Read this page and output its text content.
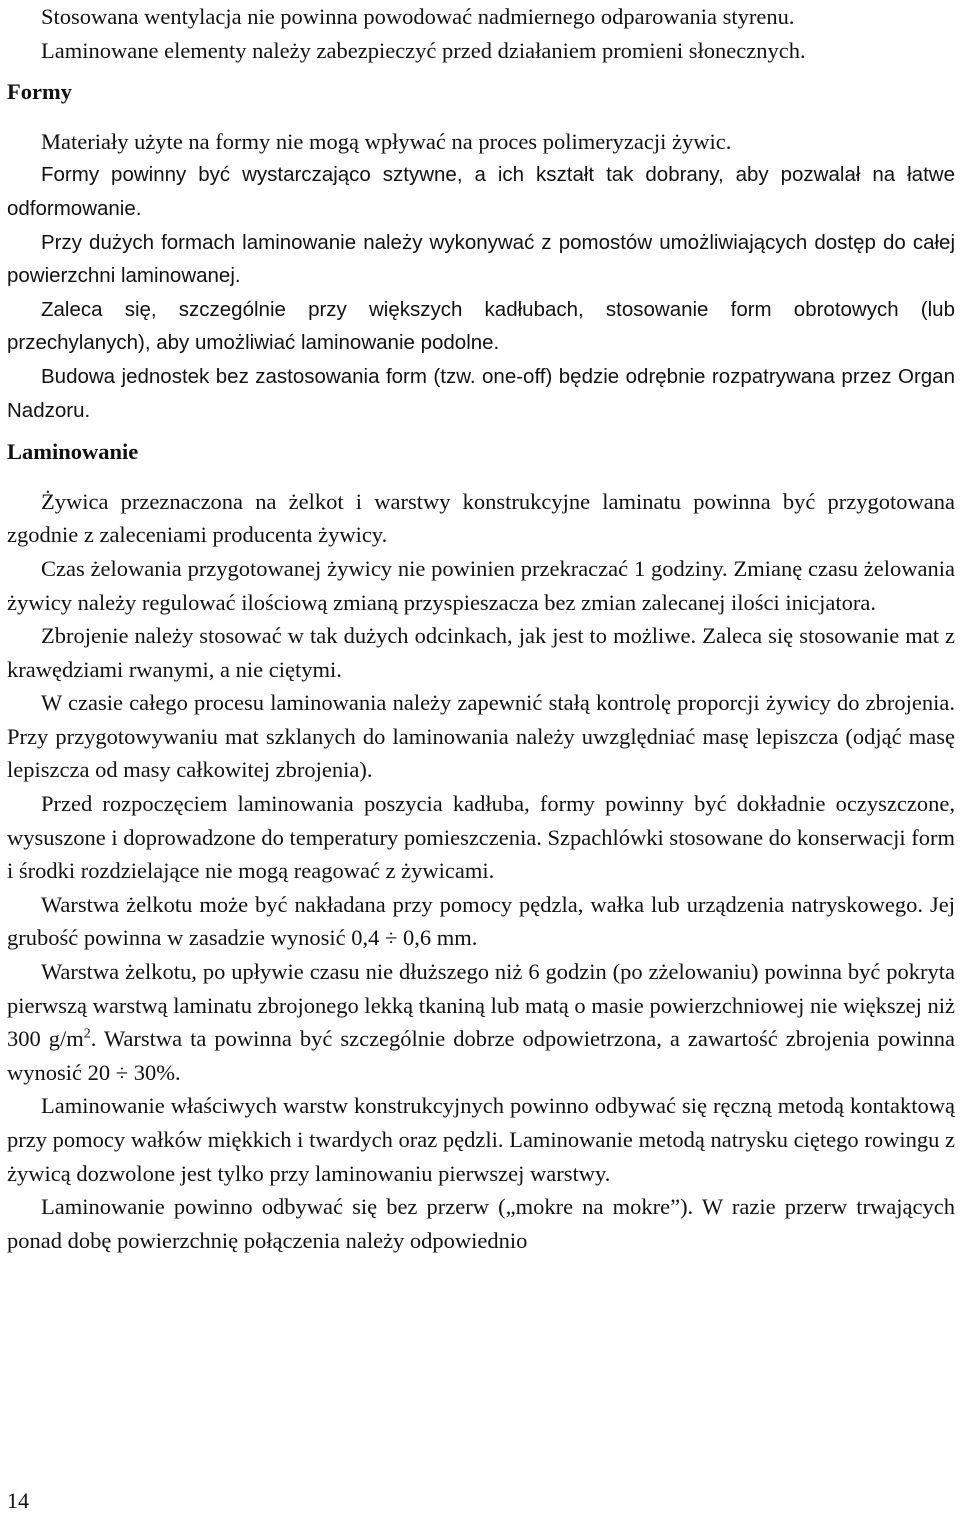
Stosowana wentylacja nie powinna powodować nadmiernego odparowania styrenu.

Laminowane elementy należy zabezpieczyć przed działaniem promieni słonecznych.

Formy

Materiały użyte na formy nie mogą wpływać na proces polimeryzacji żywic.

Formy powinny być wystarczająco sztywne, a ich kształt tak dobrany, aby pozwalał na łatwe odformowanie.

Przy dużych formach laminowanie należy wykonywać z pomostów umożliwiających dostęp do całej powierzchni laminowanej.

Zaleca się, szczególnie przy większych kadłubach, stosowanie form obrotowych (lub przechylanych), aby umożliwiać laminowanie podolne.

Budowa jednostek bez zastosowania form (tzw. one-off) będzie odrębnie rozpatrywana przez Organ Nadzoru.

Laminowanie

Żywica przeznaczona na żelkot i warstwy konstrukcyjne laminatu powinna być przygotowana zgodnie z zaleceniami producenta żywicy.

Czas żelowania przygotowanej żywicy nie powinien przekraczać 1 godziny. Zmianę czasu żelowania żywicy należy regulować ilościową zmianą przyspieszacza bez zmian zalecanej ilości inicjatora.

Zbrojenie należy stosować w tak dużych odcinkach, jak jest to możliwe. Zaleca się stosowanie mat z krawędziami rwanymi, a nie ciętymi.

W czasie całego procesu laminowania należy zapewnić stałą kontrolę proporcji żywicy do zbrojenia. Przy przygotowywaniu mat szklanych do laminowania należy uwzględniać masę lepiszcza (odjąć masę lepiszcza od masy całkowitej zbrojenia).

Przed rozpoczęciem laminowania poszycia kadłuba, formy powinny być dokładnie oczyszczone, wysuszone i doprowadzone do temperatury pomieszczenia. Szpachlówki stosowane do konserwacji form i środki rozdzielające nie mogą reagować z żywicami.

Warstwa żelkotu może być nakładana przy pomocy pędzla, wałka lub urządzenia natryskowego. Jej grubość powinna w zasadzie wynosić 0,4 ÷ 0,6 mm.

Warstwa żelkotu, po upływie czasu nie dłuższego niż 6 godzin (po zżelowaniu) powinna być pokryta pierwszą warstwą laminatu zbrojonego lekką tkaniną lub matą o masie powierzchniowej nie większej niż 300 $g/m^2$. Warstwa ta powinna być szczególnie dobrze odpowietrzona, a zawartość zbrojenia powinna wynosić 20 ÷ 30%.

Laminowanie właściwych warstw konstrukcyjnych powinno odbywać się ręczną metodą kontaktową przy pomocy wałków miękkich i twardych oraz pędzli. Laminowanie metodą natrysku ciętego rowingu z żywicą dozwolone jest tylko przy laminowaniu pierwszej warstwy.

Laminowanie powinno odbywać się bez przerw („mokre na mokre”). W razie przerw trwających ponad dobę powierzchnię połączenia należy odpowiednio

14
